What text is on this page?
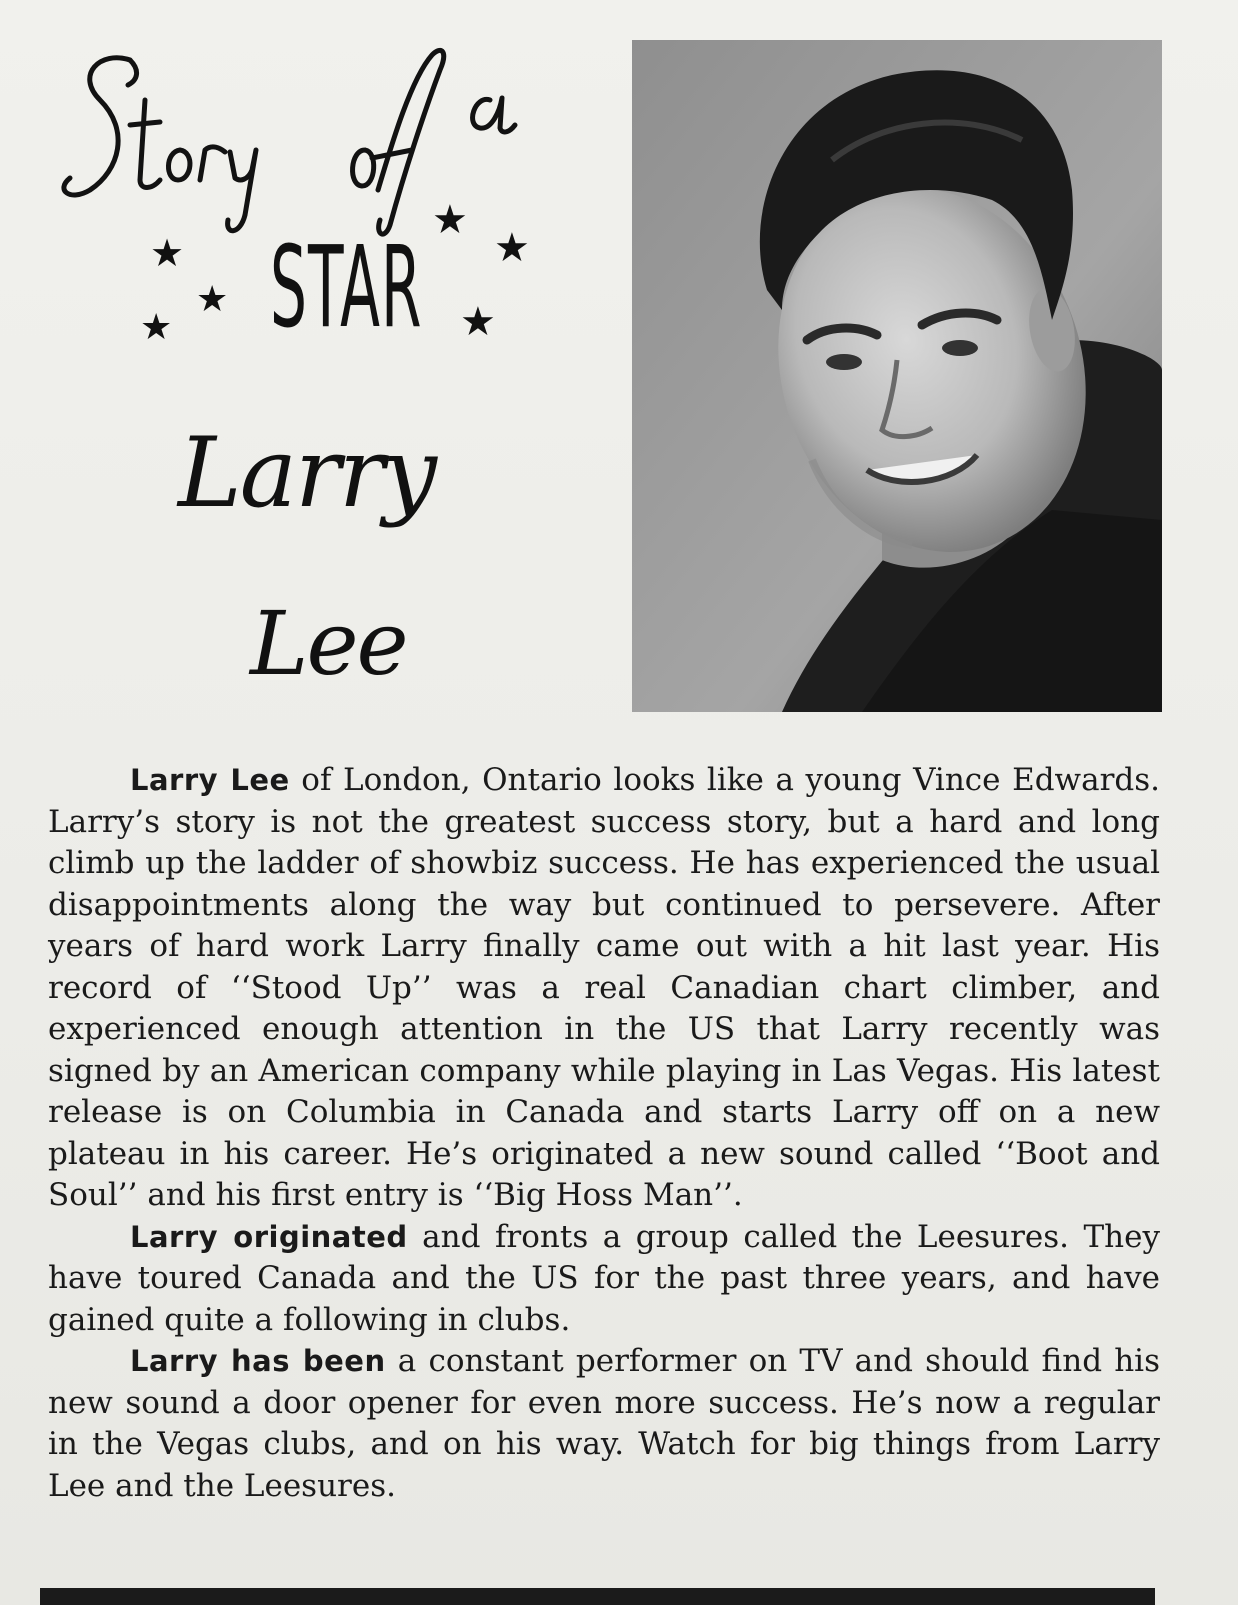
★
★
★
★
★
★
STAR
Larry
Lee

Larry Lee of London, Ontario looks like a young Vince Edwards. Larry’s story is not the greatest success story, but a hard and long climb up the ladder of showbiz success. He has experienced the usual disappointments along the way but continued to persevere. After years of hard work Larry finally came out with a hit last year. His record of ‘‘Stood Up’’ was a real Canadian chart climber, and experienced enough attention in the US that Larry recently was signed by an American company while playing in Las Vegas. His latest release is on Columbia in Canada and starts Larry off on a new plateau in his career. He’s originated a new sound called ‘‘Boot and Soul’’ and his first entry is ‘‘Big Hoss Man’’.

Larry originated and fronts a group called the Leesures. They have toured Canada and the US for the past three years, and have gained quite a following in clubs.

Larry has been a constant performer on TV and should find his new sound a door opener for even more success. He’s now a regular in the Vegas clubs, and on his way. Watch for big things from Larry Lee and the Leesures.
